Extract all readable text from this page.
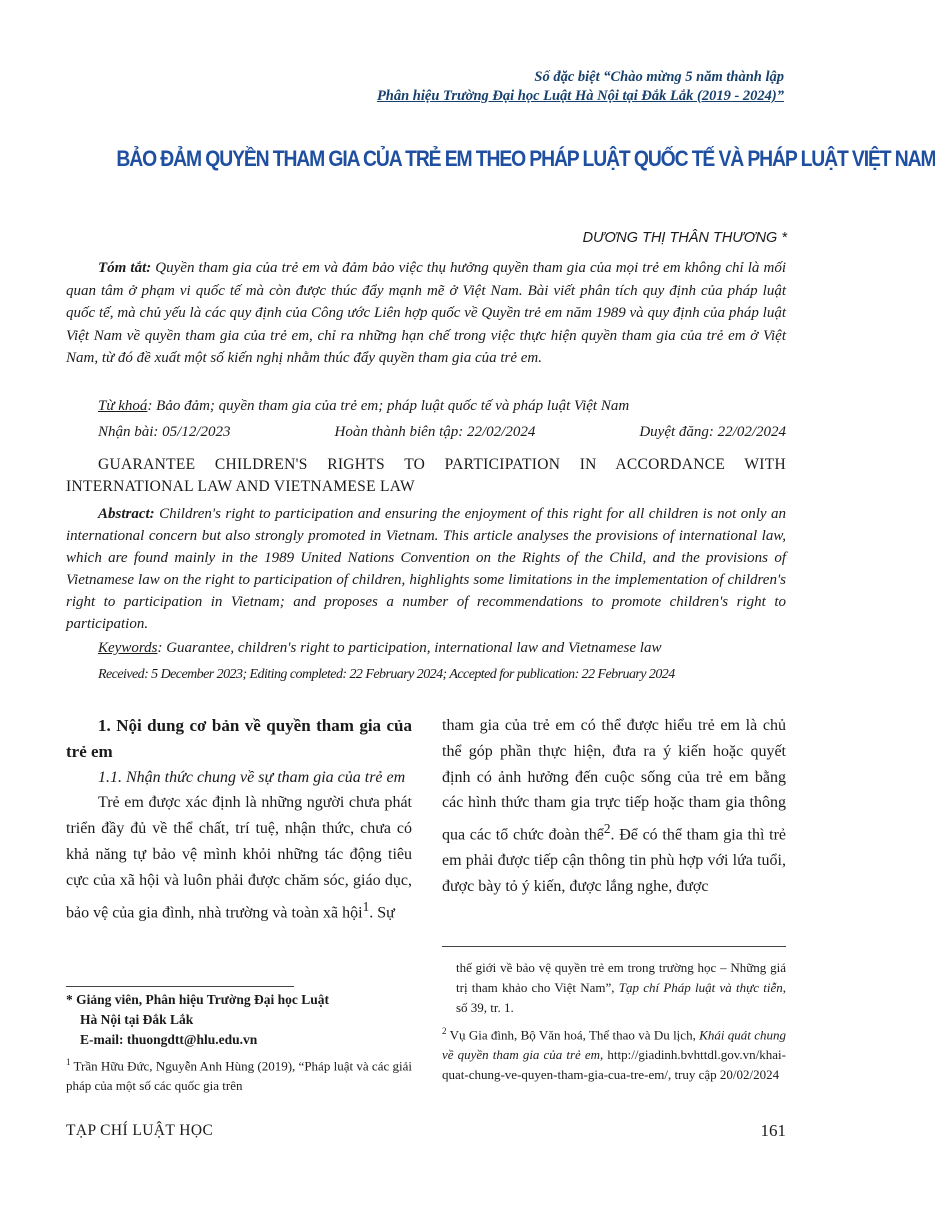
Số đặc biệt “Chào mừng 5 năm thành lập
Phân hiệu Trường Đại học Luật Hà Nội tại Đắk Lắk (2019 - 2024)”
BẢO ĐẢM QUYỀN THAM GIA CỦA TRẺ EM THEO PHÁP LUẬT QUỐC TẾ VÀ PHÁP LUẬT VIỆT NAM
DƯƠNG THỊ THÂN THƯƠNG *

Tóm tắt: Quyền tham gia của trẻ em và đảm bảo việc thụ hưởng quyền tham gia của mọi trẻ em không chỉ là mối quan tâm ở phạm vi quốc tế mà còn được thúc đẩy mạnh mẽ ở Việt Nam. Bài viết phân tích quy định của pháp luật quốc tế, mà chủ yếu là các quy định của Công ước Liên hợp quốc về Quyền trẻ em năm 1989 và quy định của pháp luật Việt Nam về quyền tham gia của trẻ em, chỉ ra những hạn chế trong việc thực hiện quyền tham gia của trẻ em ở Việt Nam, từ đó đề xuất một số kiến nghị nhằm thúc đẩy quyền tham gia của trẻ em.

Từ khoá: Bảo đảm; quyền tham gia của trẻ em; pháp luật quốc tế và pháp luật Việt Nam
Nhận bài: 05/12/2023	Hoàn thành biên tập: 22/02/2024	Duyệt đăng: 22/02/2024

GUARANTEE CHILDREN'S RIGHTS TO PARTICIPATION IN ACCORDANCE WITH INTERNATIONAL LAW AND VIETNAMESE LAW

Abstract: Children's right to participation and ensuring the enjoyment of this right for all children is not only an international concern but also strongly promoted in Vietnam. This article analyses the provisions of international law, which are found mainly in the 1989 United Nations Convention on the Rights of the Child, and the provisions of Vietnamese law on the right to participation of children, highlights some limitations in the implementation of children's right to participation in Vietnam; and proposes a number of recommendations to promote children's right to participation.

Keywords: Guarantee, children's right to participation, international law and Vietnamese law
Received: 5 December 2023; Editing completed: 22 February 2024; Accepted for publication: 22 February 2024

1. Nội dung cơ bản về quyền tham gia của trẻ em

1.1. Nhận thức chung về sự tham gia của trẻ em

Trẻ em được xác định là những người chưa phát triển đầy đủ về thể chất, trí tuệ, nhận thức, chưa có khả năng tự bảo vệ mình khỏi những tác động tiêu cực của xã hội và luôn phải được chăm sóc, giáo dục, bảo vệ của gia đình, nhà trường và toàn xã hội$^1$. Sự

* Giảng viên, Phân hiệu Trường Đại học Luật
Hà Nội tại Đắk Lắk
E-mail: thuongdtt@hlu.edu.vn

$^1$ Trần Hữu Đức, Nguyễn Anh Hùng (2019), “Pháp luật và các giải pháp của một số các quốc gia trên

tham gia của trẻ em có thể được hiểu trẻ em là chủ thể góp phần thực hiện, đưa ra ý kiến hoặc quyết định có ảnh hưởng đến cuộc sống của trẻ em bằng các hình thức tham gia trực tiếp hoặc tham gia thông qua các tổ chức đoàn thể$^2$. Để có thể tham gia thì trẻ em phải được tiếp cận thông tin phù hợp với lứa tuổi, được bày tỏ ý kiến, được lắng nghe, được

thế giới về bảo vệ quyền trẻ em trong trường học – Những giá trị tham khảo cho Việt Nam”, Tạp chí Pháp luật và thực tiễn, số 39, tr. 1.

$^2$ Vụ Gia đình, Bộ Văn hoá, Thể thao và Du lịch, Khái quát chung về quyền tham gia của trẻ em, http://giadinh.bvhttdl.gov.vn/khai-quat-chung-ve-quyen-tham-gia-cua-tre-em/, truy cập 20/02/2024

TẠP CHÍ LUẬT HỌC	161
